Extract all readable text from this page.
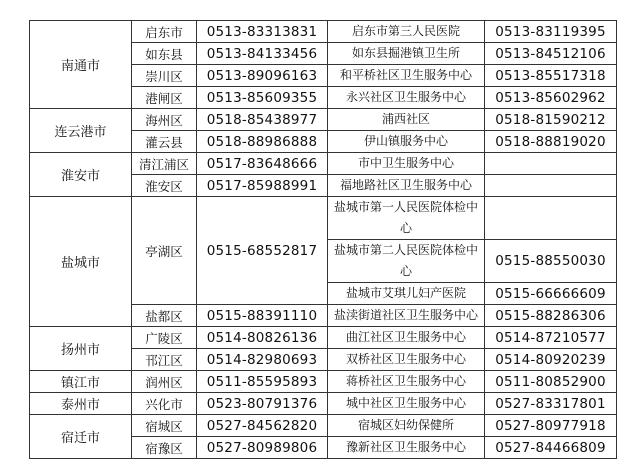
南通市	启东市	0513-83313831	启东市第三人民医院	0513-83119395
	如东县	0513-84133456	如东县掘港镇卫生所	0513-84512106
	崇川区	0513-89096163	和平桥社区卫生服务中心	0513-85517318
	港闸区	0513-85609355	永兴社区卫生服务中心	0513-85602962
连云港市	海州区	0518-85438977	浦西社区	0518-81590212
	灌云县	0518-88986888	伊山镇服务中心	0518-88819020
淮安市	清江浦区	0517-83648666	市中卫生服务中心	
	淮安区	0517-85988991	福地路社区卫生服务中心	
盐城市	亭湖区	0515-68552817	盐城市第一人民医院体检中心	
			盐城市第二人民医院体检中心	0515-88550030
			盐城市艾琪儿妇产医院	0515-66666609
	盐都区	0515-88391110	盐渎街道社区卫生服务中心	0515-88286306
扬州市	广陵区	0514-80826136	曲江社区卫生服务中心	0514-87210577
	邗江区	0514-82980693	双桥社区卫生服务中心	0514-80920239
镇江市	润州区	0511-85595893	蒋桥社区卫生服务中心	0511-80852900
泰州市	兴化市	0523-80791376	城中社区卫生服务中心	0527-83317801
宿迁市	宿城区	0527-84562820	宿城区妇幼保健所	0527-80977918
	宿豫区	0527-80989806	豫新社区卫生服务中心	0527-84466809
